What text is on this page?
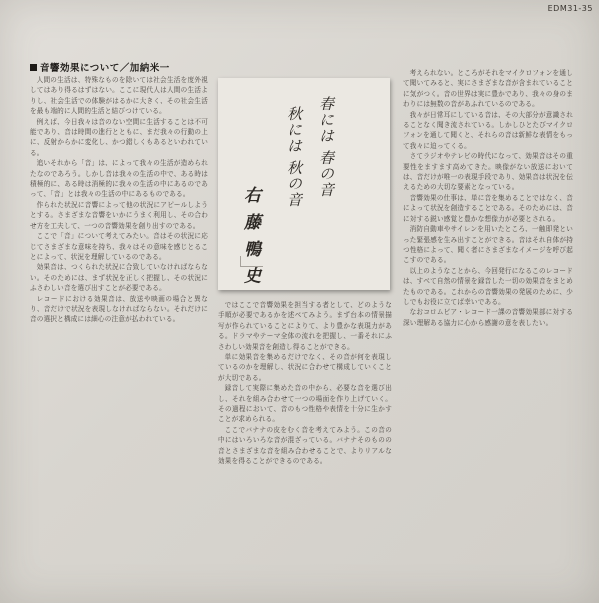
EDM31-35
音響効果について／加納米一

人間の生活は、特殊なものを除いては社会生活を度外視してはあり得るはずはない。ここに現代人は人間の生活よりし、社会生活での体験がはるかに大きく、その社会生活を最も端的に人間的生活と結びつけている。

例えば、今日我々は音のない空間に生活することは不可能であり、音は時間の進行とともに、まだ我々の行動の上に、反射からかに変化し、かつ錯しくもあるといわれている。

追いそれから「音」は、によって我々の生活が造められたなのであろう。しかし音は我々の生活の中で、ある時は積極的に、ある時は消極的に我々の生活の中にあるのであって、「音」とは我々の生活の中にあるものである。

作られた状況に音響によって他の状況にアピールしようとする。さまざまな音響をいかにうまく利用し、その合わせ方を工夫して、一つの音響効果を創り出すのである。

ここで「音」について考えてみたい。音はその状況に応じてさまざまな意味を持ち、我々はその意味を感じとることによって、状況を理解しているのである。

効果音は、つくられた状況に合致していなければならない。そのためには、まず状況を正しく把握し、その状況にふさわしい音を選び出すことが必要である。

レコードにおける効果音は、放送や映画の場合と異なり、音だけで状況を表現しなければならない。それだけに音の選択と構成には細心の注意が払われている。

春には 春の音
秋には 秋の音
右 藤 鴨 史

ではここで音響効果を担当する者として、どのような手順が必要であるかを述べてみよう。まず台本の情景描写が作られていることによりて、より豊かな表現力がある。ドラマやテーマ全体の流れを把握し、一番それにふさわしい効果音を創造し得ることができる。

単に効果音を集めるだけでなく、その音が何を表現しているのかを理解し、状況に合わせて構成していくことが大切である。

録音して実際に集めた音の中から、必要な音を選び出し、それを組み合わせて一つの場面を作り上げていく。その過程において、音のもつ性格や表情を十分に生かすことが求められる。

ここでバナナの皮をむく音を考えてみよう。この音の中にはいろいろな音が混ざっている。バナナそのものの音とさまざまな音を組み合わせることで、よりリアルな効果を得ることができるのである。

考えられない。ところがそれをマイクロフォンを通して聞いてみると、実にさまざまな音が含まれていることに気がつく。音の世界は実に豊かであり、我々の身のまわりには無数の音があふれているのである。

我々が日常耳にしている音は、その大部分が意識されることなく聞き流されている。しかしひとたびマイクロフォンを通して聞くと、それらの音は新鮮な表情をもって我々に迫ってくる。

さてラジオやテレビの時代になって、効果音はその重要性をますます高めてきた。映像がない放送においては、音だけが唯一の表現手段であり、効果音は状況を伝えるための大切な要素となっている。

音響効果の仕事は、単に音を集めることではなく、音によって状況を創造することである。そのためには、音に対する鋭い感覚と豊かな想像力が必要とされる。

消防自動車やサイレンを用いたところ、一触即発といった緊張感を生み出すことができる。音はそれ自体が持つ性格によって、聞く者にさまざまなイメージを呼び起こすのである。

以上のようなことから、今回発行になるこのレコードは、すべて自然の情景を録音した一切の効果音をまとめたものである。これからの音響効果の発展のために、少しでもお役に立てば幸いである。

なおコロムビア・レコード一課の音響効果部に対する深い理解ある協力に心から感謝の意を表したい。
